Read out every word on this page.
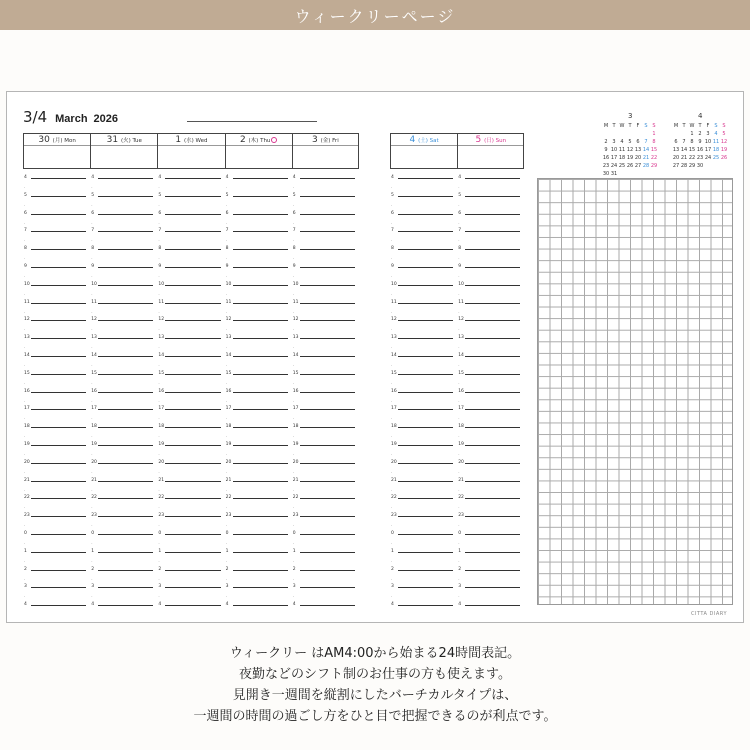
ウィークリーページ
3/4 March 2026
CITTA DIARY
30 (月) Mon
4
·
5
·
6
·
7
·
8
·
9
·
10
·
11
·
12
·
13
·
14
·
15
·
16
·
17
·
18
·
19
·
20
·
21
·
22
·
23
·
0
·
1
·
2
·
3
·
4
31 (火) Tue
4
·
5
·
6
·
7
·
8
·
9
·
10
·
11
·
12
·
13
·
14
·
15
·
16
·
17
·
18
·
19
·
20
·
21
·
22
·
23
·
0
·
1
·
2
·
3
·
4
1 (水) Wed
4
·
5
·
6
·
7
·
8
·
9
·
10
·
11
·
12
·
13
·
14
·
15
·
16
·
17
·
18
·
19
·
20
·
21
·
22
·
23
·
0
·
1
·
2
·
3
·
4
2 (木) Thu
4
·
5
·
6
·
7
·
8
·
9
·
10
·
11
·
12
·
13
·
14
·
15
·
16
·
17
·
18
·
19
·
20
·
21
·
22
·
23
·
0
·
1
·
2
·
3
·
4
3 (金) Fri
4
·
5
·
6
·
7
·
8
·
9
·
10
·
11
·
12
·
13
·
14
·
15
·
16
·
17
·
18
·
19
·
20
·
21
·
22
·
23
·
0
·
1
·
2
·
3
·
4
4 (土) Sat
4
·
5
·
6
·
7
·
8
·
9
·
10
·
11
·
12
·
13
·
14
·
15
·
16
·
17
·
18
·
19
·
20
·
21
·
22
·
23
·
0
·
1
·
2
·
3
·
4
5 (日) Sun
4
·
5
·
6
·
7
·
8
·
9
·
10
·
11
·
12
·
13
·
14
·
15
·
16
·
17
·
18
·
19
·
20
·
21
·
22
·
23
·
0
·
1
·
2
·
3
·
4
3
M T W T	F S S
1
2 3 4 5 6 7 8
9 10 11 12 13 14 15
16 17 18 19 20 21 22
23 24 25 26 27 28 29
30 31
4
M T W T	F S S
1 2 3 4 5
6 7 8 9 10 11 12
13 14 15 16 17 18 19
20 21 22 23 24 25 26
27 28 29 30
ウィークリー はAM4:00から始まる24時間表記。
夜勤などのシフト制のお仕事の方も使えます。
見開き一週間を縦割にしたバーチカルタイプは、
一週間の時間の過ごし方をひと目で把握できるのが利点です。
